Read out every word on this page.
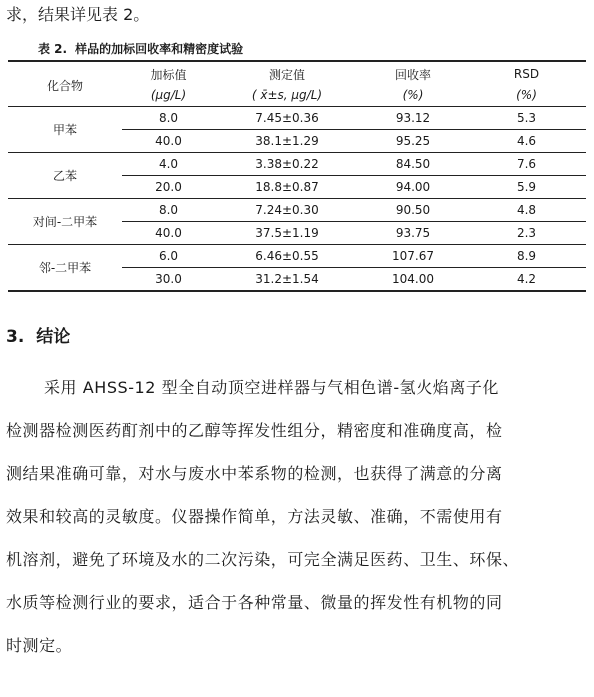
求，结果详见表 2。
表 2. 样品的加标回收率和精密度试验
化合物	加标值	测定值	回收率	RSD
	(μg/L)	( x̄±s, μg/L)	(%)	(%)
甲苯	8.0	7.45±0.36	93.12	5.3
	40.0	38.1±1.29	95.25	4.6
乙苯	4.0	3.38±0.22	84.50	7.6
	20.0	18.8±0.87	94.00	5.9
对间-二甲苯	8.0	7.24±0.30	90.50	4.8
	40.0	37.5±1.19	93.75	2.3
邻-二甲苯	6.0	6.46±0.55	107.67	8.9
	30.0	31.2±1.54	104.00	4.2
3. 结论
采用 AHSS-12 型全自动顶空进样器与气相色谱-氢火焰离子化
检测器检测医药酊剂中的乙醇等挥发性组分，精密度和准确度高，检
测结果准确可靠，对水与废水中苯系物的检测，也获得了满意的分离
效果和较高的灵敏度。仪器操作简单，方法灵敏、准确，不需使用有
机溶剂，避免了环境及水的二次污染，可完全满足医药、卫生、环保、
水质等检测行业的要求，适合于各种常量、微量的挥发性有机物的同
时测定。
